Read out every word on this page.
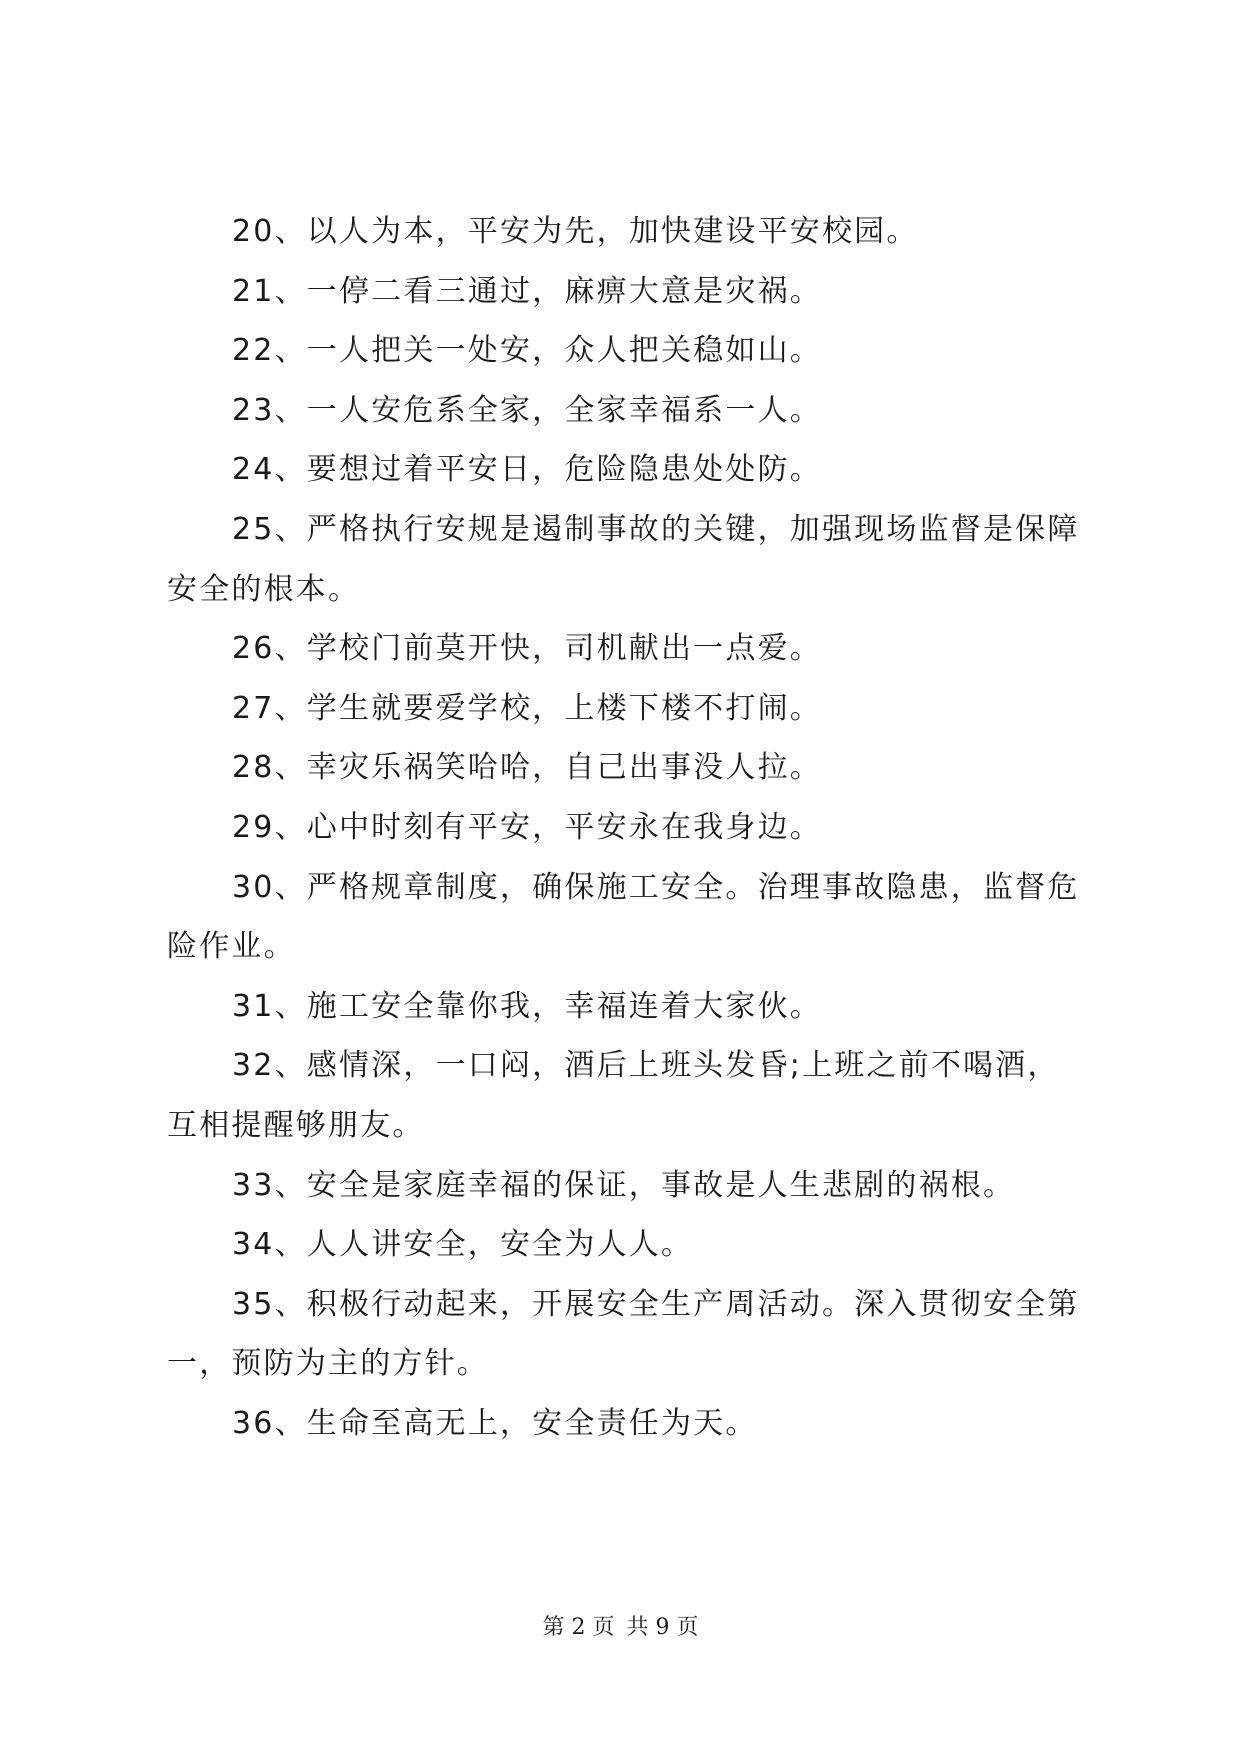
20、以人为本，平安为先，加快建设平安校园。

21、一停二看三通过，麻痹大意是灾祸。

22、一人把关一处安，众人把关稳如山。

23、一人安危系全家，全家幸福系一人。

24、要想过着平安日，危险隐患处处防。

25、严格执行安规是遏制事故的关键，加强现场监督是保障安全的根本。

26、学校门前莫开快，司机献出一点爱。

27、学生就要爱学校，上楼下楼不打闹。

28、幸灾乐祸笑哈哈，自己出事没人拉。

29、心中时刻有平安，平安永在我身边。

30、严格规章制度，确保施工安全。治理事故隐患，监督危险作业。

31、施工安全靠你我，幸福连着大家伙。

32、感情深，一口闷，酒后上班头发昏;上班之前不喝酒，互相提醒够朋友。

33、安全是家庭幸福的保证，事故是人生悲剧的祸根。

34、人人讲安全，安全为人人。

35、积极行动起来，开展安全生产周活动。深入贯彻安全第一，预防为主的方针。

36、生命至高无上，安全责任为天。

第 2 页 共 9 页
